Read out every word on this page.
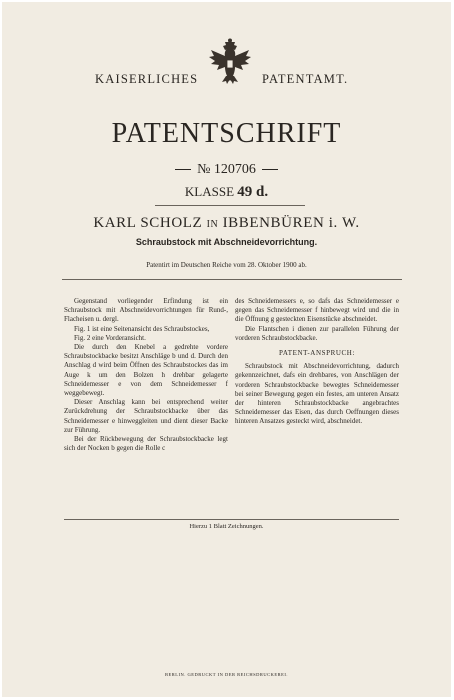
KAISERLICHES	PATENTAMT.
PATENTSCHRIFT
№ 120706
KLASSE 49 d.
KARL SCHOLZ IN IBBENBÜREN i. W.
Schraubstock mit Abschneidevorrichtung.
Patentirt im Deutschen Reiche vom 28. Oktober 1900 ab.

Gegenstand vorliegender Erfindung ist ein Schraubstock mit Abschneidevorrichtungen für Rund-, Flacheisen u. dergl.

Fig. 1 ist eine Seitenansicht des Schraubstockes,

Fig. 2 eine Vorderansicht.

Die durch den Knebel a gedrehte vordere Schraubstockbacke besitzt Anschläge b und d. Durch den Anschlag d wird beim Öffnen des Schraubstockes das im Auge k um den Bolzen h drehbar gelagerte Schneidemesser e von dem Schneidemesser f weggebewegt.

Dieser Anschlag kann bei entsprechend weiter Zurückdrehung der Schraubstockbacke über das Schneidemesser e hinweggleiten und dient dieser Backe zur Führung.

Bei der Rückbewegung der Schraubstockbacke legt sich der Nocken b gegen die Rolle c

des Schneidemessers e, so dafs das Schneidemesser e gegen das Schneidemesser f hinbewegt wird und die in die Öffnung g gesteckten Eisenstücke abschneidet.

Die Flantschen i dienen zur parallelen Führung der vorderen Schraubstockbacke.

PATENT-ANSPRUCH:

Schraubstock mit Abschneidevorrichtung, dadurch gekennzeichnet, dafs ein drehbares, von Anschlägen der vorderen Schraubstockbacke bewegtes Schneidemesser bei seiner Bewegung gegen ein festes, am unteren Ansatz der hinteren Schraubstockbacke angebrachtes Schneidemesser das Eisen, das durch Oeffnungen dieses hinteren Ansatzes gesteckt wird, abschneidet.

Hierzu 1 Blatt Zeichnungen.
BERLIN. GEDRUCKT IN DER REICHSDRUCKEREI.
